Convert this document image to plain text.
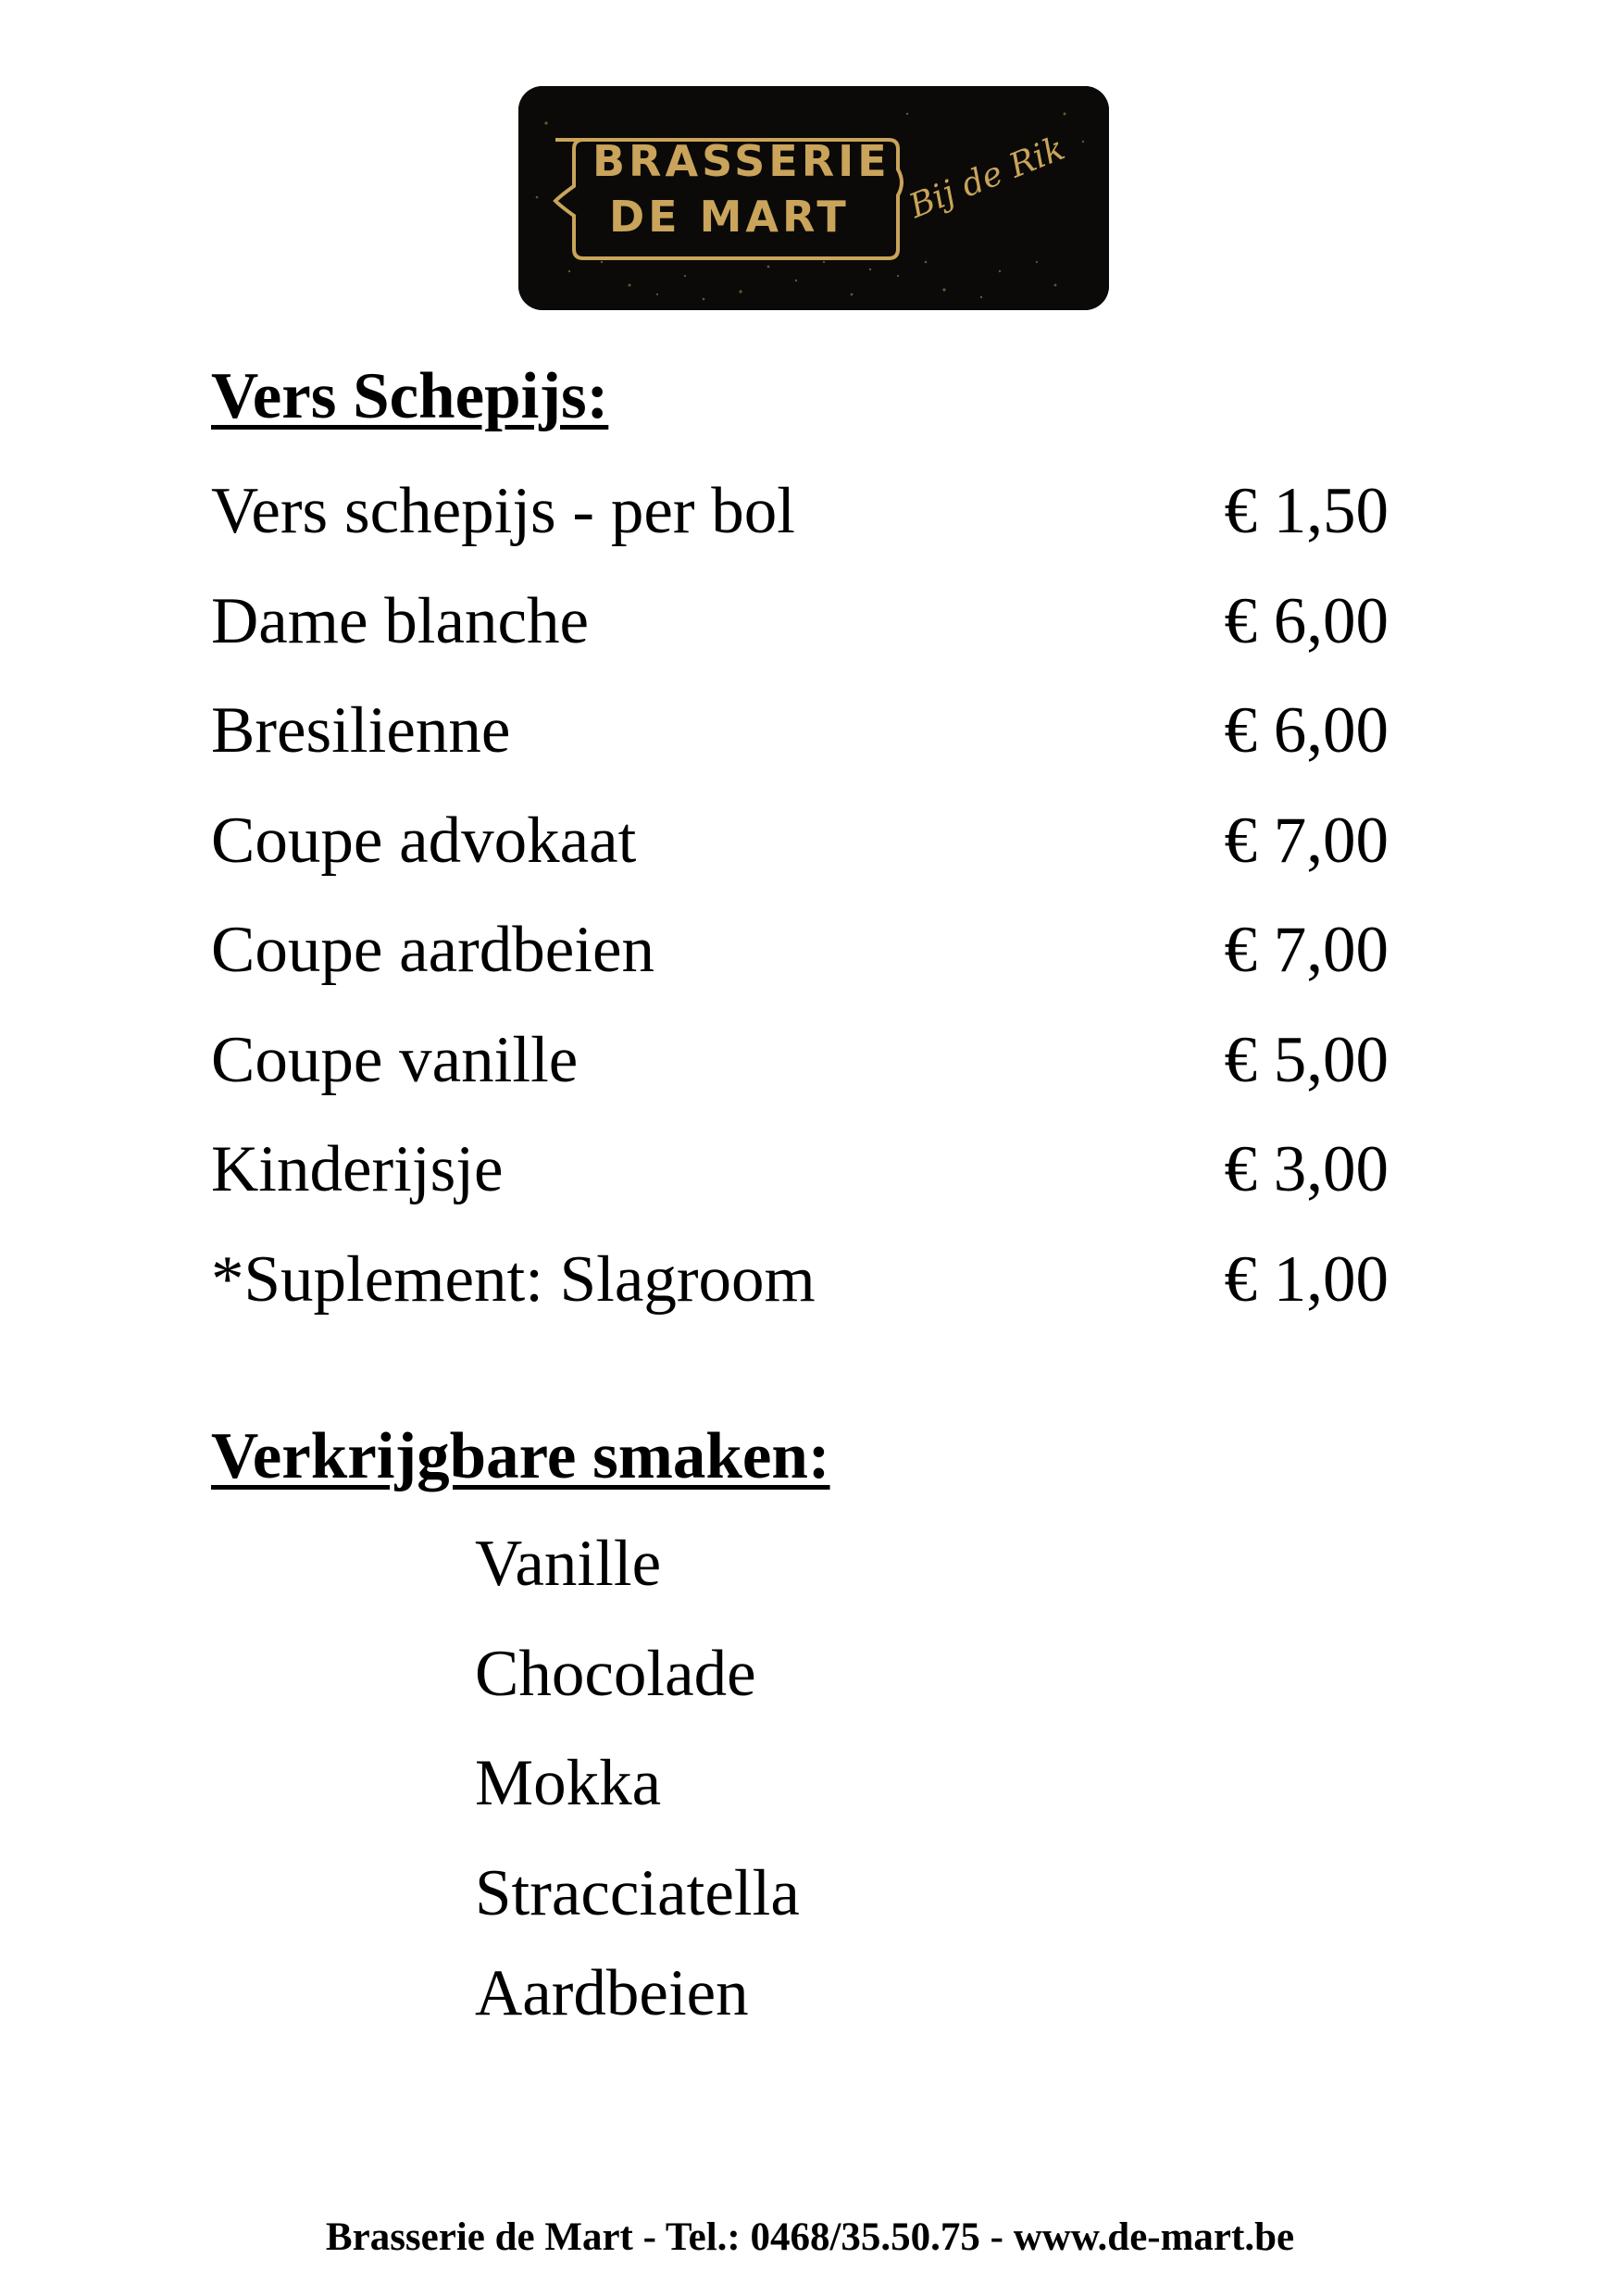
BRASSERIE
DE MART Bij de Rik
Vers Schepijs:
Vers schepijs - per bol	€ 1,50
Dame blanche	€ 6,00
Bresilienne	€ 6,00
Coupe advokaat	€ 7,00
Coupe aardbeien	€ 7,00
Coupe vanille	€ 5,00
Kinderijsje	€ 3,00
*Suplement: Slagroom	€ 1,00
Verkrijgbare smaken:
Vanille
Chocolade
Mokka
Stracciatella
Aardbeien
Brasserie de Mart - Tel.: 0468/35.50.75 - www.de-mart.be
